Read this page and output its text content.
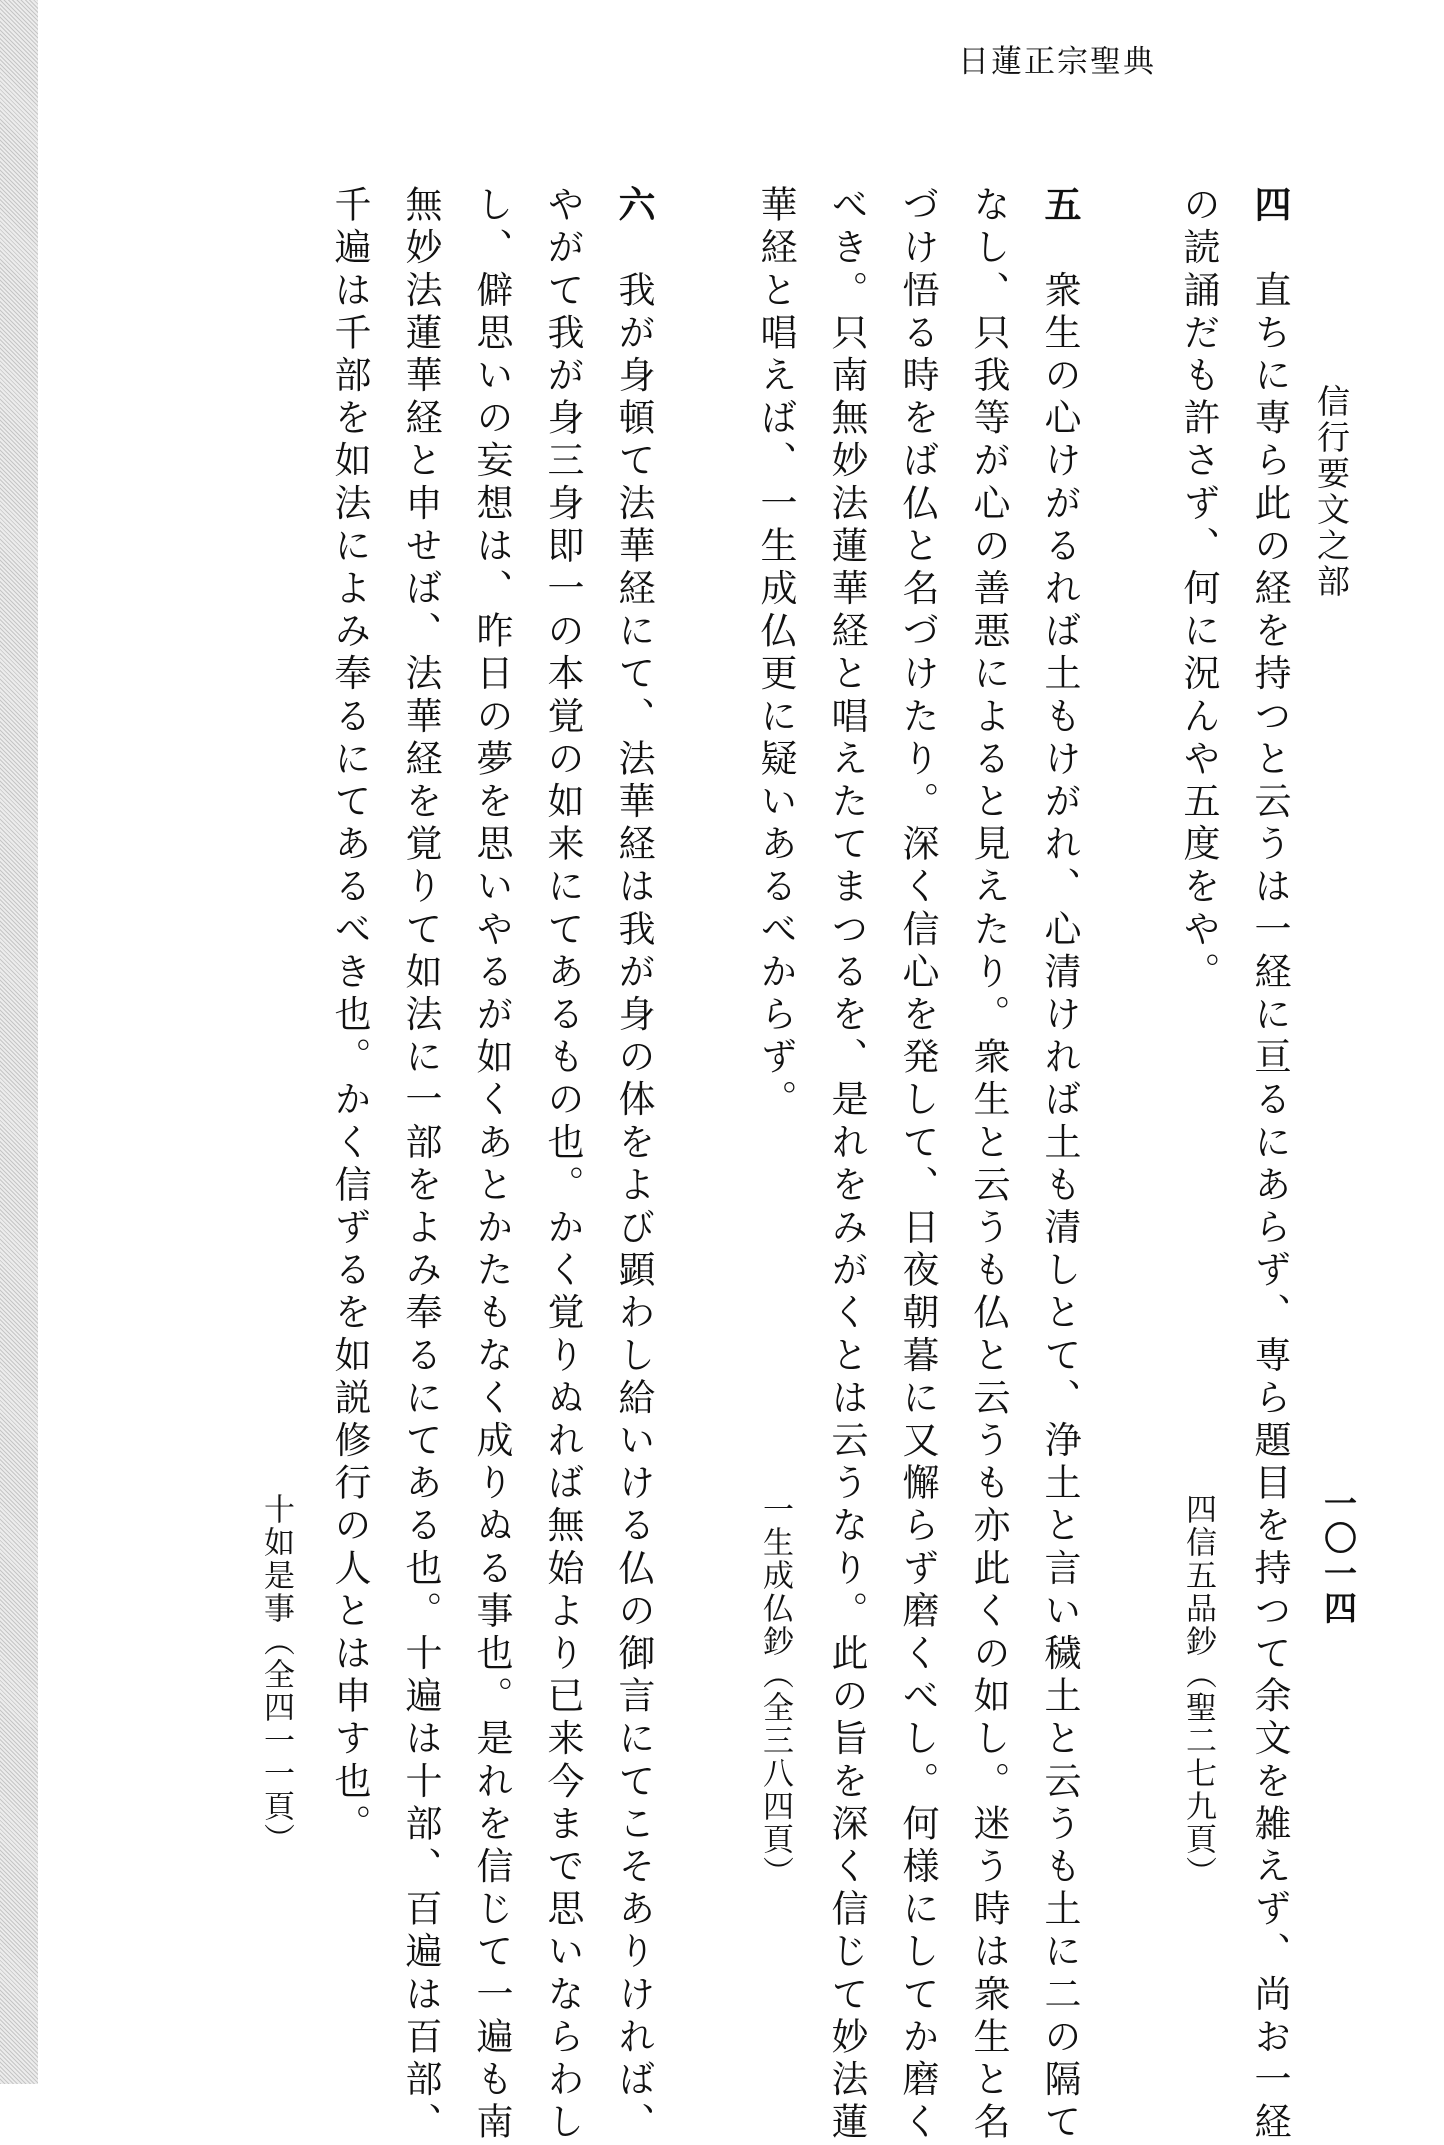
日蓮正宗聖典
信行要文之部
一〇一四
四　直ちに専ら此の経を持つと云うは一経に亘るにあらず、専ら題目を持つて余文を雑えず、尚お一経
の読誦だも許さず、何に況んや五度をや。
四信五品鈔（聖二七九頁）
五　衆生の心けがるれば土もけがれ、心清ければ土も清しとて、浄土と言い穢土と云うも土に二の隔て
なし、只我等が心の善悪によると見えたり。衆生と云うも仏と云うも亦此くの如し。迷う時は衆生と名
づけ悟る時をば仏と名づけたり。深く信心を発して、日夜朝暮に又懈らず磨くべし。何様にしてか磨く
べき。只南無妙法蓮華経と唱えたてまつるを、是れをみがくとは云うなり。此の旨を深く信じて妙法蓮
華経と唱えば、一生成仏更に疑いあるべからず。
一生成仏鈔（全三八四頁）
六　我が身頓て法華経にて、法華経は我が身の体をよび顕わし給いける仏の御言にてこそありければ、
やがて我が身三身即一の本覚の如来にてあるもの也。かく覚りぬれば無始より已来今まで思いならわし
し、僻思いの妄想は、昨日の夢を思いやるが如くあとかたもなく成りぬる事也。是れを信じて一遍も南
無妙法蓮華経と申せば、法華経を覚りて如法に一部をよみ奉るにてある也。十遍は十部、百遍は百部、
千遍は千部を如法によみ奉るにてあるべき也。かく信ずるを如説修行の人とは申す也。
十如是事（全四一一頁）
